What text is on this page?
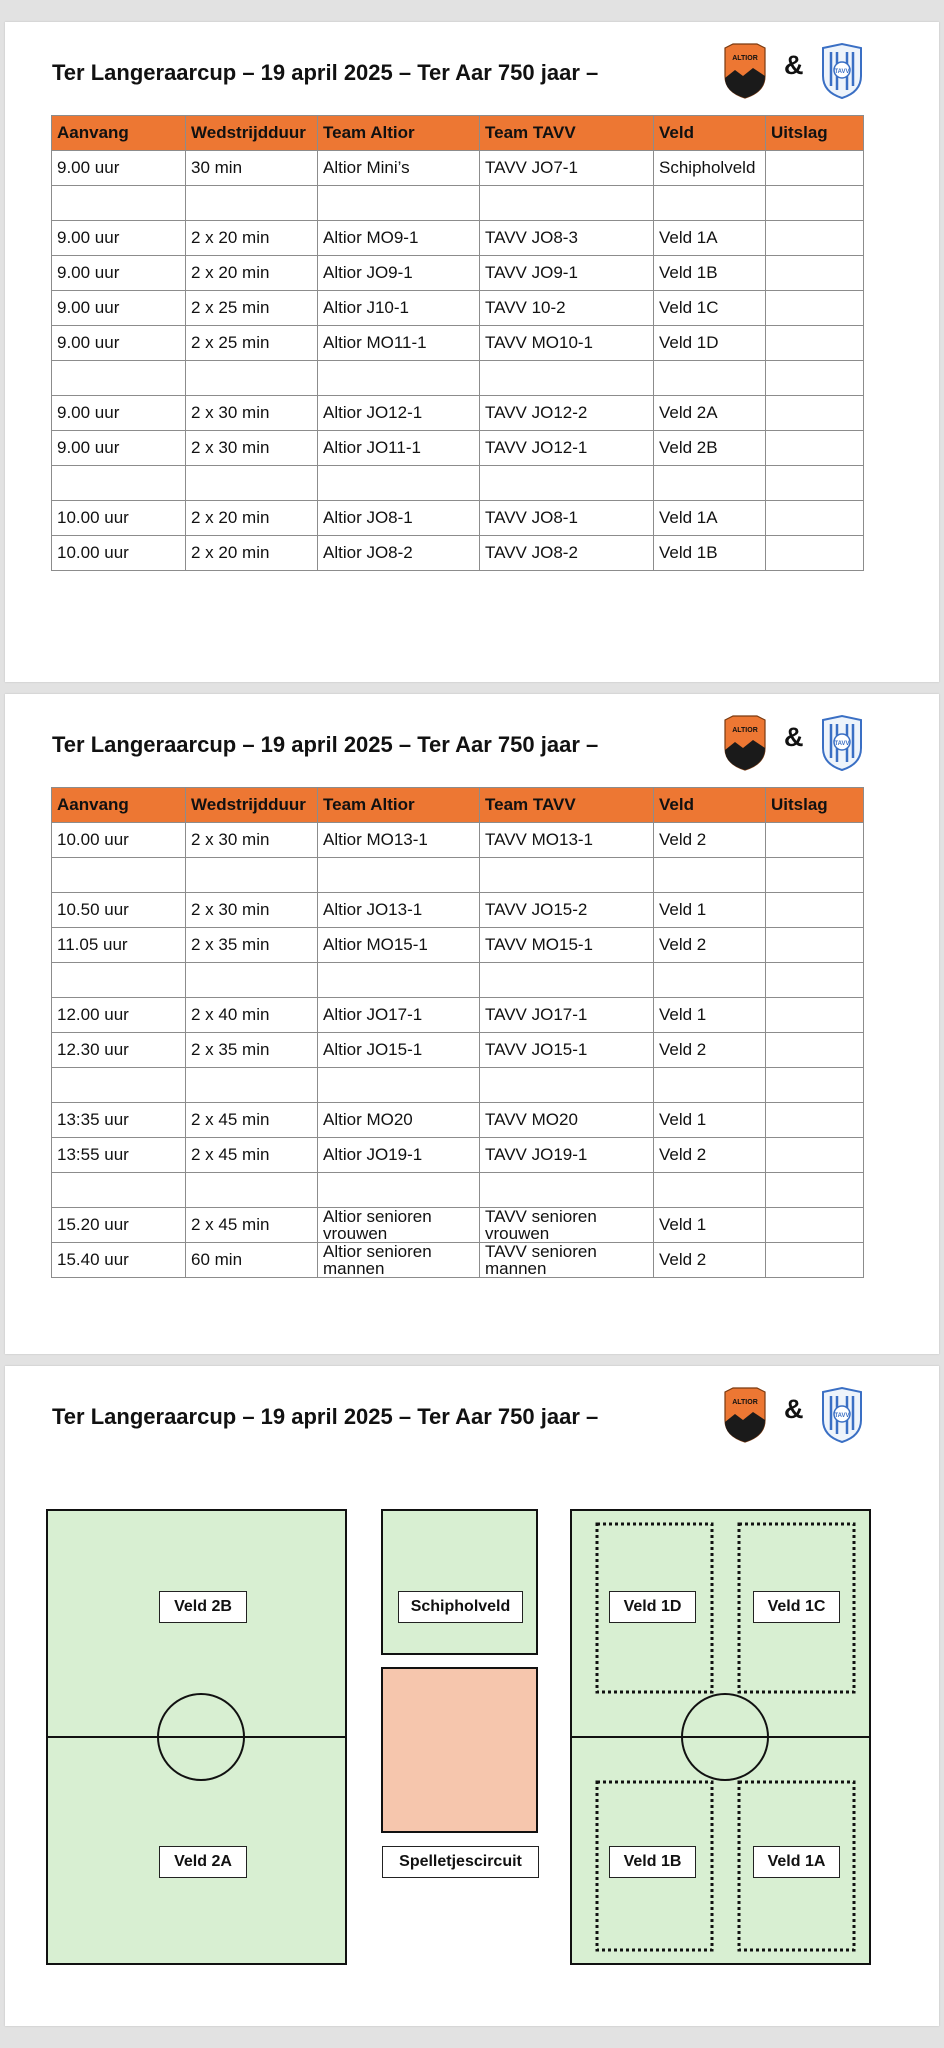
Ter Langeraarcup – 19 april 2025 – Ter Aar 750 jaar –
ALTIOR &	TAVV
Aanvang	Wedstrijdduur	Team Altior	Team TAVV	Veld	Uitslag
9.00 uur	30 min	Altior Mini’s	TAVV JO7-1	Schipholveld	

9.00 uur	2 x 20 min	Altior MO9-1	TAVV JO8-3	Veld 1A	
9.00 uur	2 x 20 min	Altior JO9-1	TAVV JO9-1	Veld 1B	
9.00 uur	2 x 25 min	Altior J10-1	TAVV 10-2	Veld 1C	
9.00 uur	2 x 25 min	Altior MO11-1	TAVV MO10-1	Veld 1D	

9.00 uur	2 x 30 min	Altior JO12-1	TAVV JO12-2	Veld 2A	
9.00 uur	2 x 30 min	Altior JO11-1	TAVV JO12-1	Veld 2B	

10.00 uur	2 x 20 min	Altior JO8-1	TAVV JO8-1	Veld 1A	
10.00 uur	2 x 20 min	Altior JO8-2	TAVV JO8-2	Veld 1B	
Ter Langeraarcup – 19 april 2025 – Ter Aar 750 jaar –
ALTIOR &	TAVV
Aanvang	Wedstrijdduur	Team Altior	Team TAVV	Veld	Uitslag
10.00 uur	2 x 30 min	Altior MO13-1	TAVV MO13-1	Veld 2	

10.50 uur	2 x 30 min	Altior JO13-1	TAVV JO15-2	Veld 1	
11.05 uur	2 x 35 min	Altior MO15-1	TAVV MO15-1	Veld 2	

12.00 uur	2 x 40 min	Altior JO17-1	TAVV JO17-1	Veld 1	
12.30 uur	2 x 35 min	Altior JO15-1	TAVV JO15-1	Veld 2	

13:35 uur	2 x 45 min	Altior MO20	TAVV MO20	Veld 1	
13:55 uur	2 x 45 min	Altior JO19-1	TAVV JO19-1	Veld 2	

15.20 uur	2 x 45 min	Altior senioren vrouwen	TAVV senioren vrouwen	Veld 1	
15.40 uur	60 min	Altior senioren mannen	TAVV senioren mannen	Veld 2	
Ter Langeraarcup – 19 april 2025 – Ter Aar 750 jaar –
ALTIOR &	TAVV
Veld 2B
Veld 2A
Schipholveld
Spelletjescircuit
Veld 1D	Veld 1C
Veld 1B	Veld 1A
